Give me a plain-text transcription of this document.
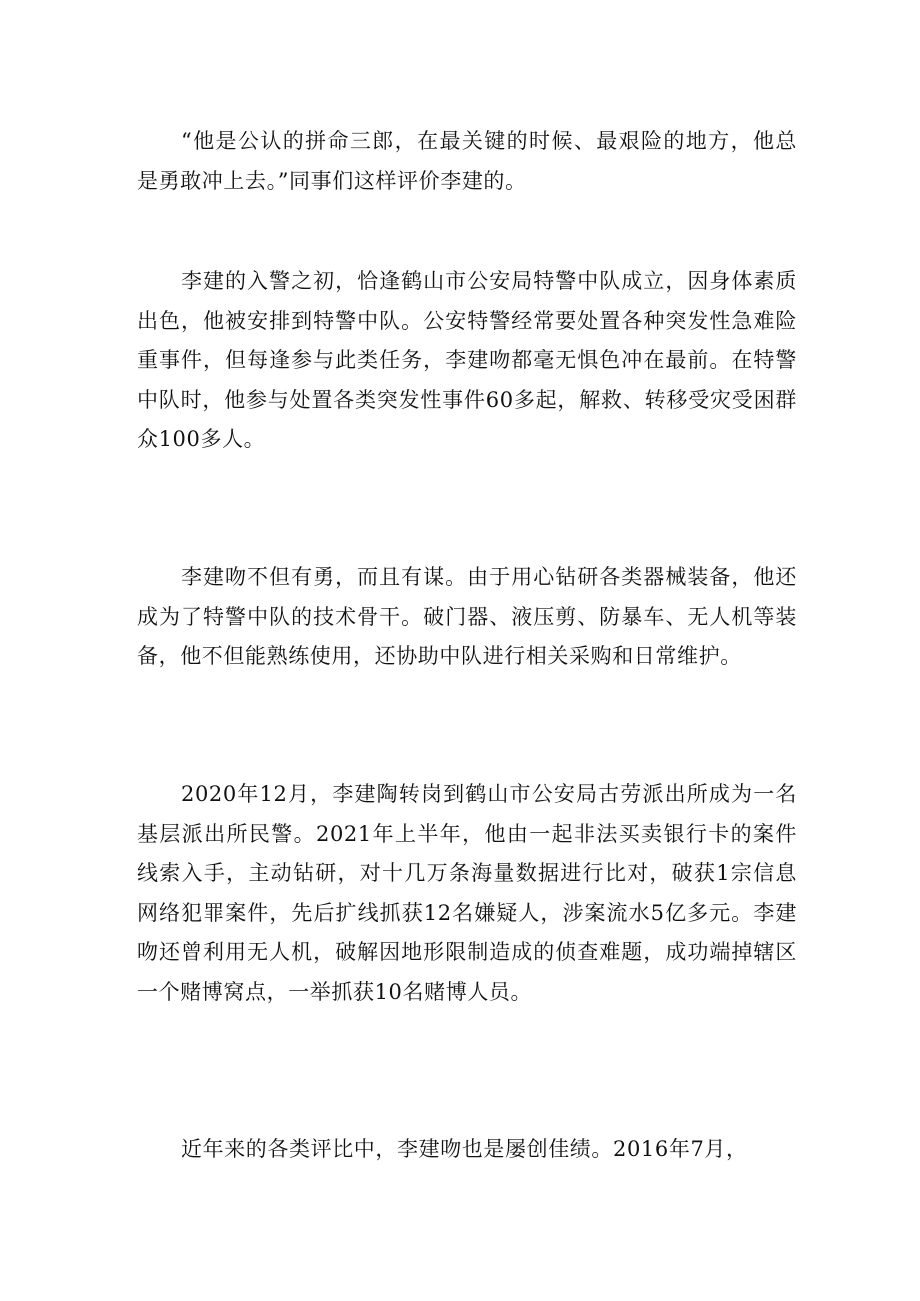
“他是公认的拼命三郎，在最关键的时候、最艰险的地方，他总是勇敢冲上去。”同事们这样评价李建的。

李建的入警之初，恰逢鹤山市公安局特警中队成立，因身体素质出色，他被安排到特警中队。公安特警经常要处置各种突发性急难险重事件，但每逢参与此类任务，李建吻都毫无惧色冲在最前。在特警中队时，他参与处置各类突发性事件60多起，解救、转移受灾受困群众100多人。

李建吻不但有勇，而且有谋。由于用心钻研各类器械装备，他还成为了特警中队的技术骨干。破门器、液压剪、防暴车、无人机等装备，他不但能熟练使用，还协助中队进行相关采购和日常维护。

2020年12月，李建陶转岗到鹤山市公安局古劳派出所成为一名基层派出所民警。2021年上半年，他由一起非法买卖银行卡的案件线索入手，主动钻研，对十几万条海量数据进行比对，破获1宗信息网络犯罪案件，先后扩线抓获12名嫌疑人，涉案流水5亿多元。李建吻还曾利用无人机，破解因地形限制造成的侦查难题，成功端掉辖区一个赌博窝点，一举抓获10名赌博人员。

近年来的各类评比中，李建吻也是屡创佳绩。2016年7月，
